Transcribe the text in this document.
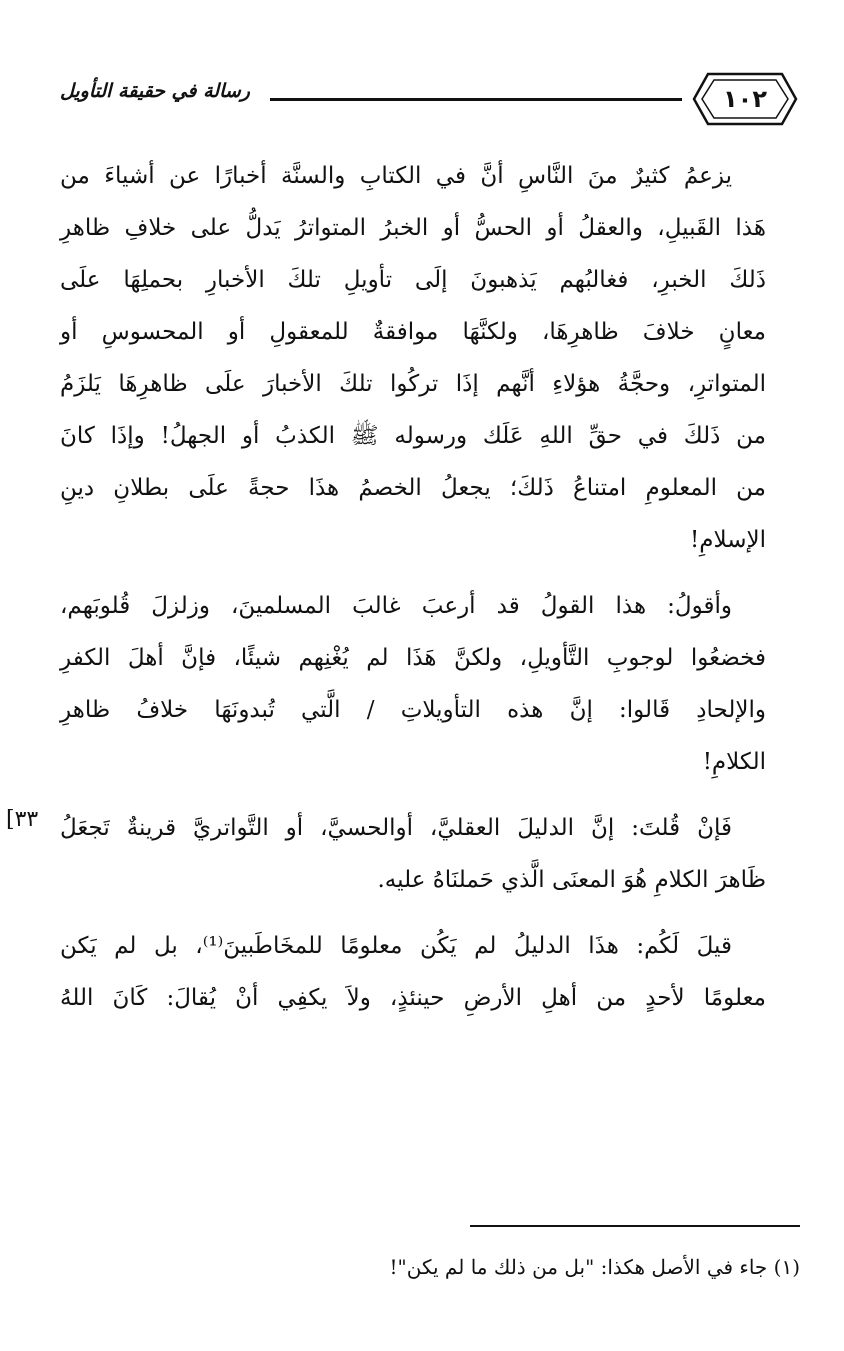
رسالة في حقيقة التأويل	١٠٢
يزعمُ كثيرٌ منَ النَّاسِ أنَّ في الكتابِ والسنَّة أخبارًا عن أشياءَ من
هَذا القَبيلِ، والعقلُ أو الحسُّ أو الخبرُ المتواترُ يَدلُّ على خلافِ ظاهرِ
ذَلكَ الخبرِ، فغالبُهم يَذهبونَ إلَى تأويلِ تلكَ الأخبارِ بحملِهَا علَى
معانٍ خلافَ ظاهرِهَا، ولكنَّهَا موافقةٌ للمعقولِ أو المحسوسِ أو
المتواترِ، وحجَّةُ هؤلاءِ أنَّهم إذَا تركُوا تلكَ الأخبارَ علَى ظاهرِهَا يَلزَمُ
من ذَلكَ في حقِّ اللهِ عَلَك ورسوله ﷺ الكذبُ أو الجهلُ! وإذَا كانَ
من المعلومِ امتناعُ ذَلكَ؛ يجعلُ الخصمُ هذَا حجةً علَى بطلانِ دينِ
الإسلامِ!
وأقولُ: هذا القولُ قد أرعبَ غالبَ المسلمينَ، وزلزلَ قُلوبَهم،
فخضعُوا لوجوبِ التَّأويلِ، ولكنَّ هَذَا لم يُغْنِهم شيئًا، فإنَّ أهلَ الكفرِ
والإلحادِ قَالوا: إنَّ هذه التأويلاتِ / الَّتي تُبدونَهَا خلافُ ظاهرِ
الكلامِ!
فَإنْ قُلتَ: إنَّ الدليلَ العقليَّ، أوالحسيَّ، أو التَّواتريَّ قرينةٌ تَجعَلُ
ظَاهرَ الكلامِ هُوَ المعنَى الَّذي حَملنَاهُ عليه.
قيلَ لَكُم: هذَا الدليلُ لم يَكُن معلومًا للمخَاطَبينَ⁽¹⁾، بل لم يَكن
معلومًا لأحدٍ من أهلِ الأرضِ حينئذٍ، ولاَ يكفِي أنْ يُقالَ: كَانَ اللهُ
[٣٣
(١) جاء في الأصل هكذا: "بل من ذلك ما لم يكن"!
